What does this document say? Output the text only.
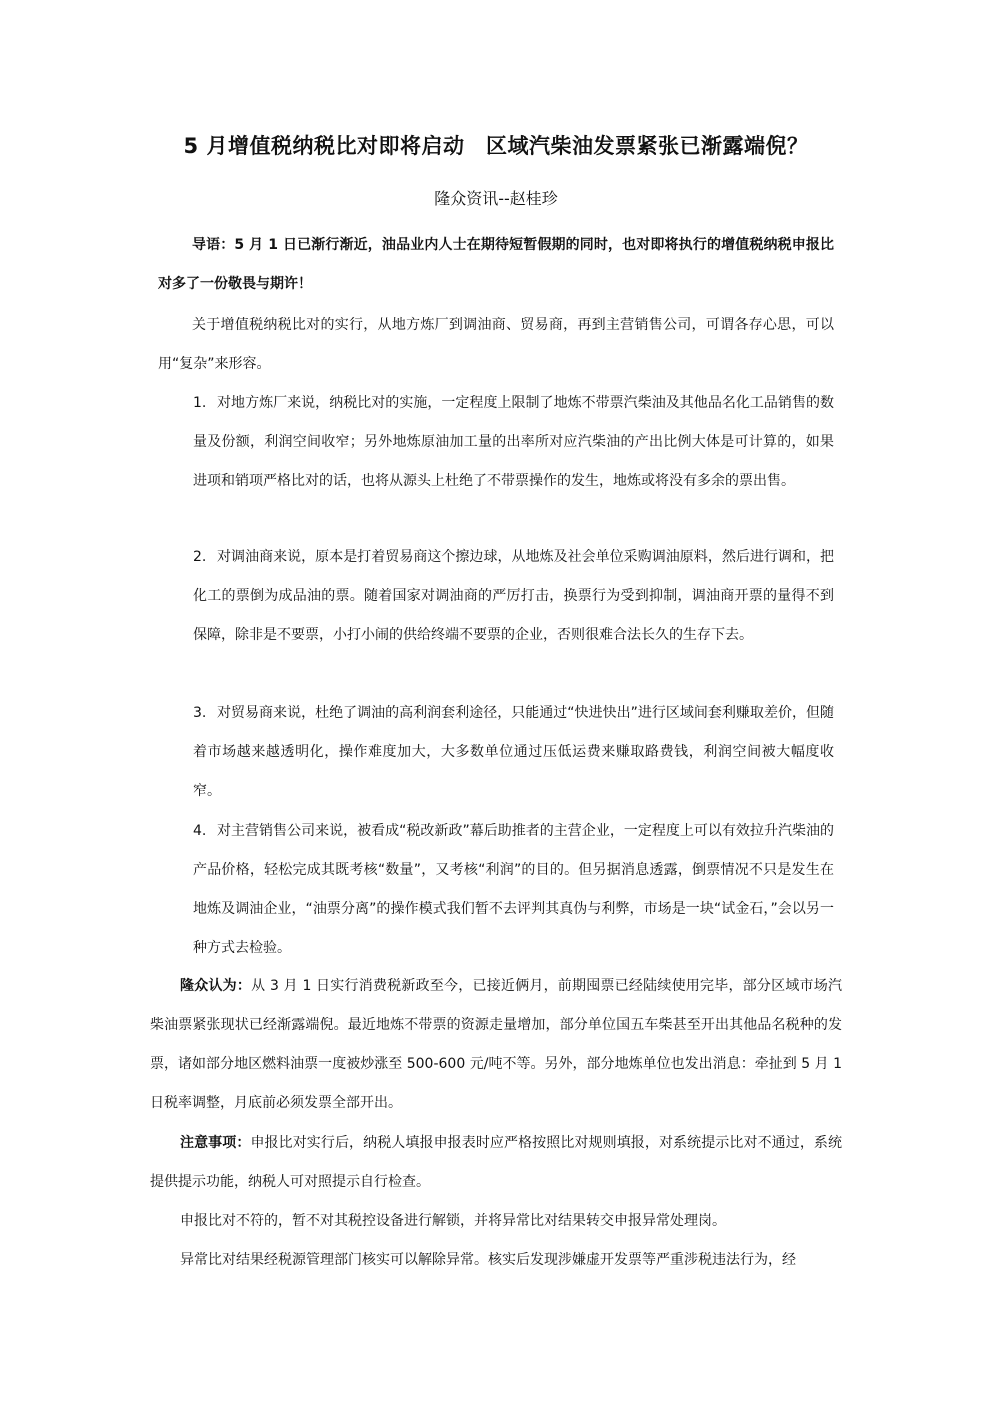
5 月增值税纳税比对即将启动　区域汽柴油发票紧张已渐露端倪？
隆众资讯--赵桂珍
导语：5 月 1 日已渐行渐近，油品业内人士在期待短暂假期的同时，也对即将执行的增值税纳税申报比对多了一份敬畏与期许！
关于增值税纳税比对的实行，从地方炼厂到调油商、贸易商，再到主营销售公司，可谓各存心思，可以用“复杂”来形容。
1. 对地方炼厂来说，纳税比对的实施，一定程度上限制了地炼不带票汽柴油及其他品名化工品销售的数量及份额，利润空间收窄；另外地炼原油加工量的出率所对应汽柴油的产出比例大体是可计算的，如果进项和销项严格比对的话，也将从源头上杜绝了不带票操作的发生，地炼或将没有多余的票出售。
2. 对调油商来说，原本是打着贸易商这个擦边球，从地炼及社会单位采购调油原料，然后进行调和，把化工的票倒为成品油的票。随着国家对调油商的严厉打击，换票行为受到抑制，调油商开票的量得不到保障，除非是不要票，小打小闹的供给终端不要票的企业，否则很难合法长久的生存下去。
3. 对贸易商来说，杜绝了调油的高利润套利途径，只能通过“快进快出”进行区域间套利赚取差价，但随着市场越来越透明化，操作难度加大，大多数单位通过压低运费来赚取路费钱，利润空间被大幅度收窄。
4. 对主营销售公司来说，被看成“税改新政”幕后助推者的主营企业，一定程度上可以有效拉升汽柴油的产品价格，轻松完成其既考核“数量”，又考核“利润”的目的。但另据消息透露，倒票情况不只是发生在地炼及调油企业，“油票分离”的操作模式我们暂不去评判其真伪与利弊，市场是一块“试金石，”会以另一种方式去检验。
隆众认为：从 3 月 1 日实行消费税新政至今，已接近俩月，前期囤票已经陆续使用完毕，部分区域市场汽柴油票紧张现状已经渐露端倪。最近地炼不带票的资源走量增加，部分单位国五车柴甚至开出其他品名税种的发票，诸如部分地区燃料油票一度被炒涨至 500-600 元/吨不等。另外，部分地炼单位也发出消息：牵扯到 5 月 1 日税率调整，月底前必须发票全部开出。
注意事项：申报比对实行后，纳税人填报申报表时应严格按照比对规则填报，对系统提示比对不通过，系统提供提示功能，纳税人可对照提示自行检查。
申报比对不符的，暂不对其税控设备进行解锁，并将异常比对结果转交申报异常处理岗。
异常比对结果经税源管理部门核实可以解除异常。核实后发现涉嫌虚开发票等严重涉税违法行为，经
